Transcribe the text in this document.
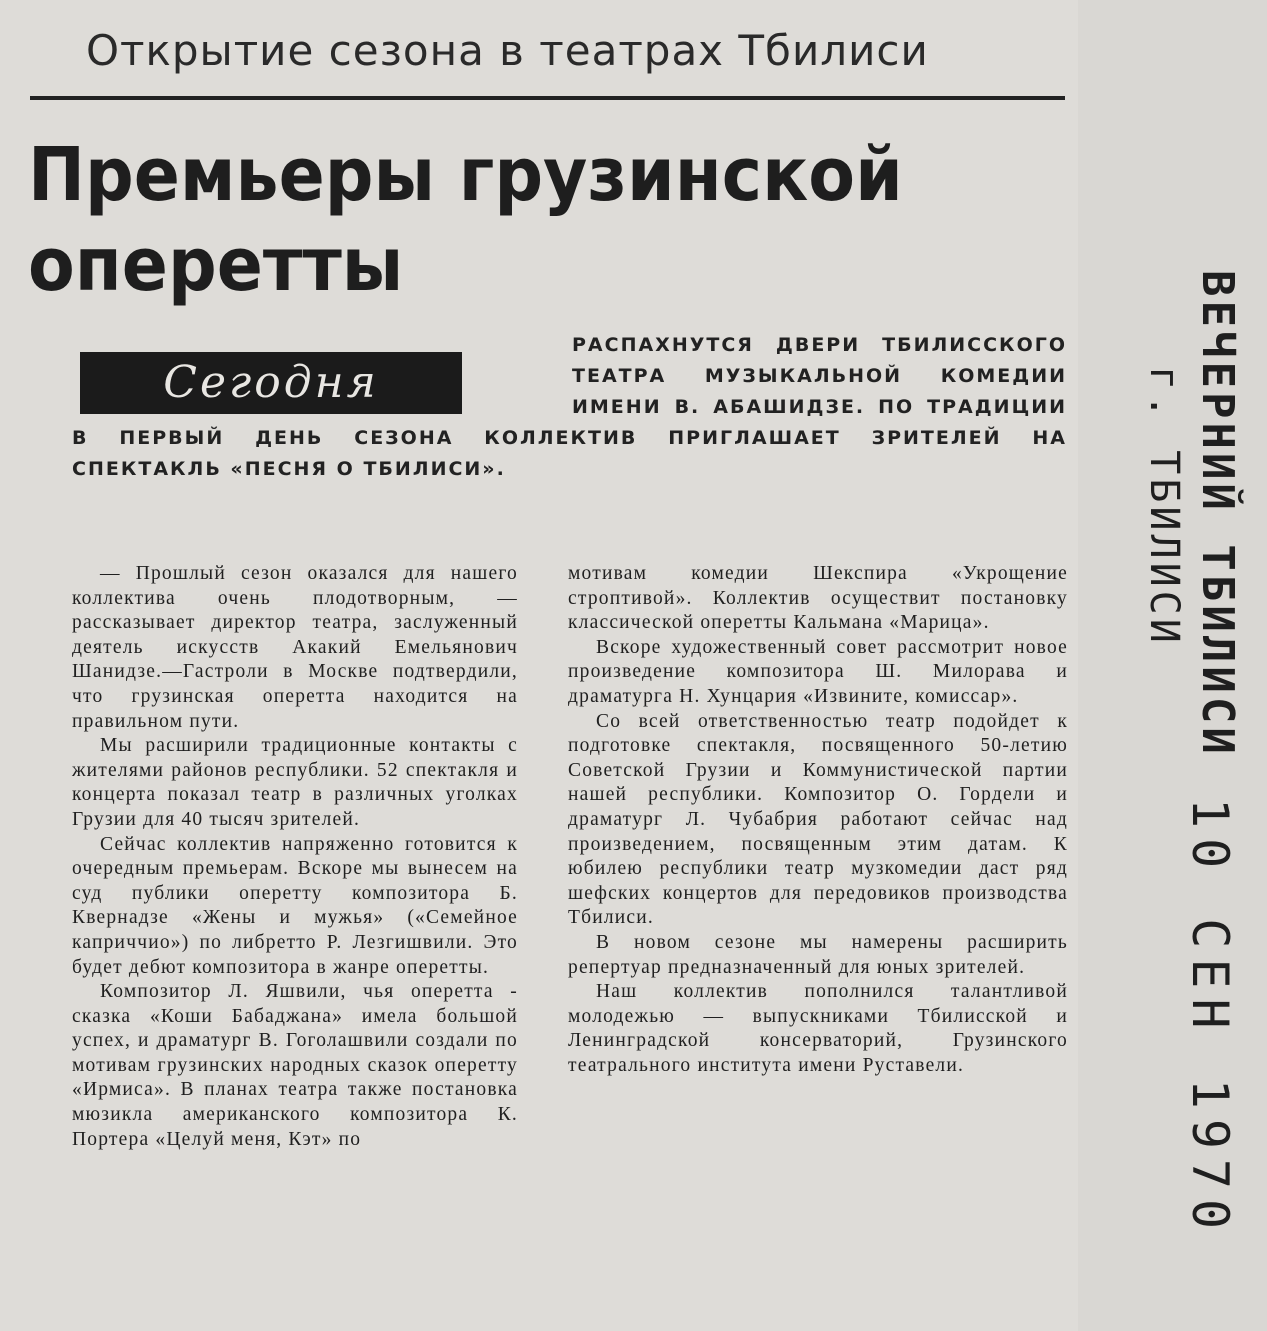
Открытие сезона в театрах Тбилиси
Премьеры грузинской
оперетты
РАСПАХНУТСЯ ДВЕРИ ТБИЛИССКОГО ТЕАТРА МУЗЫКАЛЬНОЙ КОМЕДИИ ИМЕНИ В. АБАШИДЗЕ. ПО ТРАДИЦИИ В ПЕРВЫЙ ДЕНЬ СЕЗОНА КОЛЛЕКТИВ ПРИГЛАШАЕТ ЗРИТЕЛЕЙ НА СПЕКТАКЛЬ «ПЕСНЯ О ТБИЛИСИ».
Сегодня

— Прошлый сезон оказался для нашего коллектива очень плодотворным, — рассказывает директор театра, заслуженный деятель искусств Акакий Емельянович Шанидзе.—Гастроли в Москве подтвердили, что грузинская оперетта находится на правильном пути.

Мы расширили традиционные контакты с жителями районов республики. 52 спектакля и концерта показал театр в различных уголках Грузии для 40 тысяч зрителей.

Сейчас коллектив напряженно готовится к очередным премьерам. Вскоре мы вынесем на суд публики оперетту композитора Б. Квернадзе «Жены и мужья» («Семейное каприччио») по либретто Р. Лезгишвили. Это будет дебют композитора в жанре оперетты.

Композитор Л. Яшвили, чья оперетта - сказка «Коши Бабаджана» имела большой успех, и драматург В. Гоголашвили создали по мотивам грузинских народных сказок оперетту «Ирмиса». В планах театра также постановка мюзикла американского композитора К. Портера «Целуй меня, Кэт» по

мотивам комедии Шекспира «Укрощение строптивой». Коллектив осуществит постановку классической оперетты Кальмана «Марица».

Вскоре художественный совет рассмотрит новое произведение композитора Ш. Милорава и драматурга Н. Хунцария «Извините, комиссар».

Со всей ответственностью театр подойдет к подготовке спектакля, посвященного 50-летию Советской Грузии и Коммунистической партии нашей республики. Композитор О. Гордели и драматург Л. Чубабрия работают сейчас над произведением, посвященным этим датам. К юбилею республики театр музкомедии даст ряд шефских концертов для передовиков производства Тбилиси.

В новом сезоне мы намерены расширить репертуар предназначенный для юных зрителей.

Наш коллектив пополнился талантливой молодежью — выпускниками Тбилисской и Ленинградской консерваторий, Грузинского театрального института имени Руставели.

ВЕЧЕРНИЙ ТБИЛИСИ
г. ТБИЛИСИ
10 СЕН 1970
